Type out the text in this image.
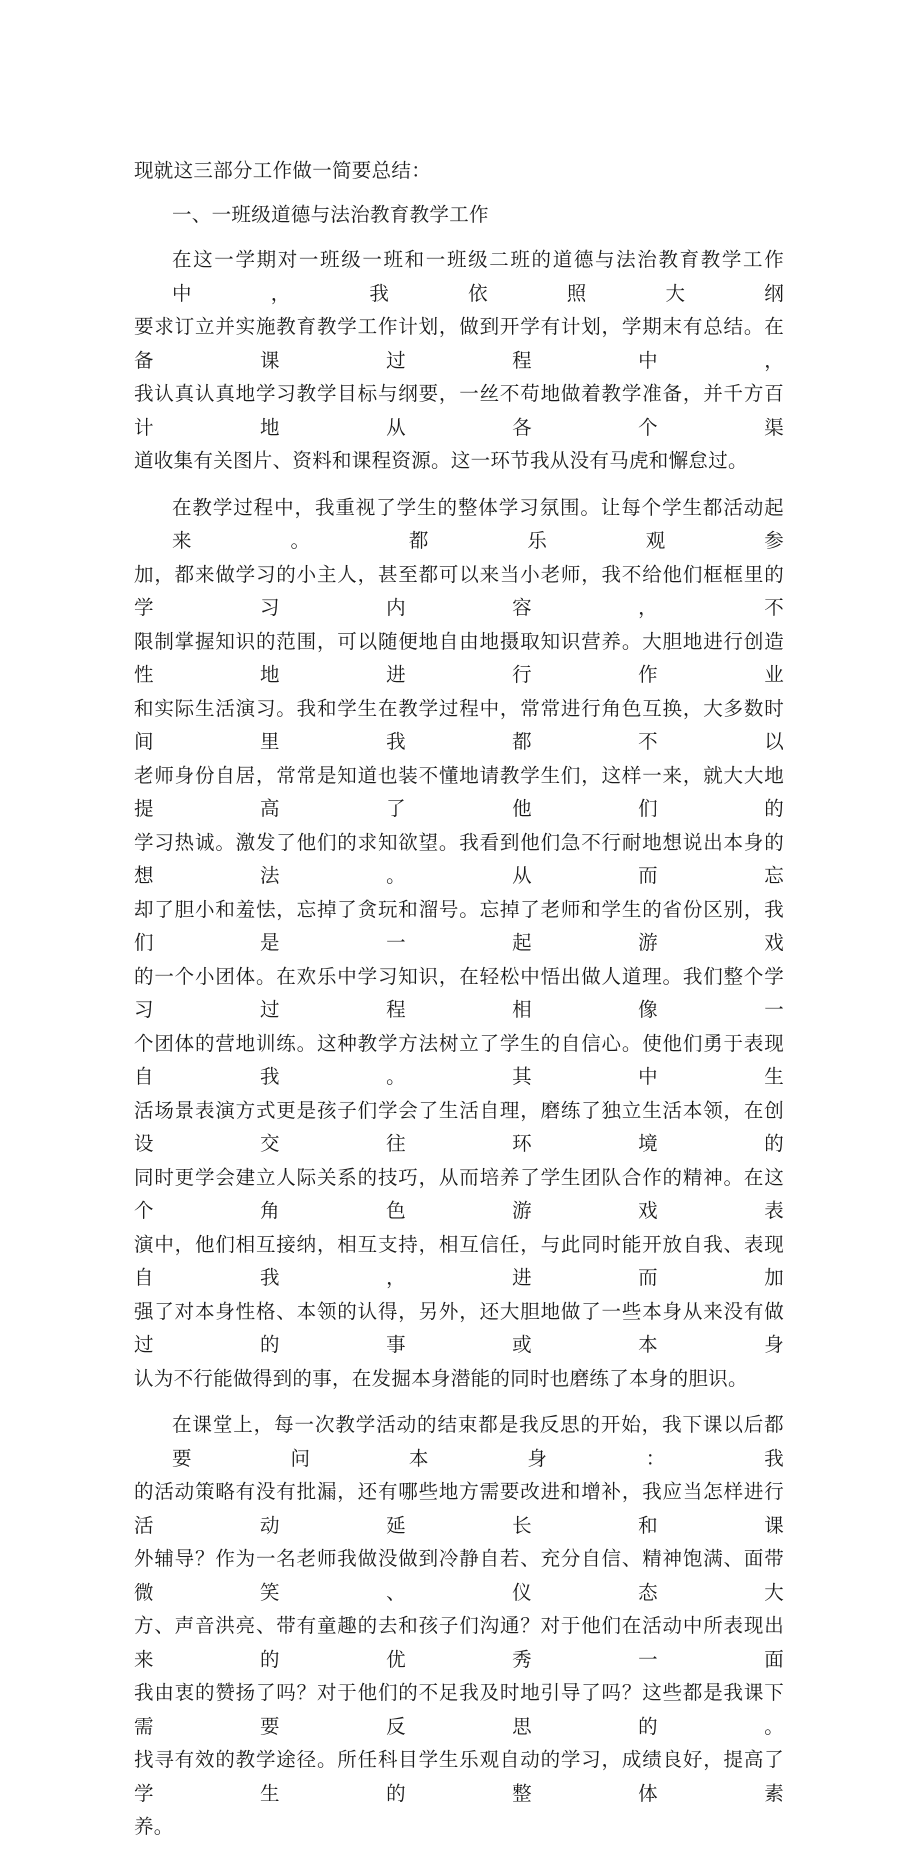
现就这三部分工作做一简要总结：

一、一班级道德与法治教育教学工作

在这一学期对一班级一班和一班级二班的道德与法治教育教学工作中，我依照大纲

要求订立并实施教育教学工作计划，做到开学有计划，学期末有总结。在备课过程中，

我认真认真地学习教学目标与纲要，一丝不苟地做着教学准备，并千方百计地从各个渠

道收集有关图片、资料和课程资源。这一环节我从没有马虎和懈怠过。

在教学过程中，我重视了学生的整体学习氛围。让每个学生都活动起来。都乐观参

加，都来做学习的小主人，甚至都可以来当小老师，我不给他们框框里的学习内容，不

限制掌握知识的范围，可以随便地自由地摄取知识营养。大胆地进行创造性地进行作业

和实际生活演习。我和学生在教学过程中，常常进行角色互换，大多数时间里我都不以

老师身份自居，常常是知道也装不懂地请教学生们，这样一来，就大大地提高了他们的

学习热诚。激发了他们的求知欲望。我看到他们急不行耐地想说出本身的想法。从而忘

却了胆小和羞怯，忘掉了贪玩和溜号。忘掉了老师和学生的省份区别，我们是一起游戏

的一个小团体。在欢乐中学习知识，在轻松中悟出做人道理。我们整个学习过程相像一

个团体的营地训练。这种教学方法树立了学生的自信心。使他们勇于表现自我。其中生

活场景表演方式更是孩子们学会了生活自理，磨练了独立生活本领，在创设交往环境的

同时更学会建立人际关系的技巧，从而培养了学生团队合作的精神。在这个角色游戏表

演中，他们相互接纳，相互支持，相互信任，与此同时能开放自我、表现自我，进而加

强了对本身性格、本领的认得，另外，还大胆地做了一些本身从来没有做过的事或本身

认为不行能做得到的事，在发掘本身潜能的同时也磨练了本身的胆识。

在课堂上，每一次教学活动的结束都是我反思的开始，我下课以后都要问本身：我

的活动策略有没有批漏，还有哪些地方需要改进和增补，我应当怎样进行活动延长和课

外辅导？作为一名老师我做没做到冷静自若、充分自信、精神饱满、面带微笑、仪态大

方、声音洪亮、带有童趣的去和孩子们沟通？对于他们在活动中所表现出来的优秀一面

我由衷的赞扬了吗？对于他们的不足我及时地引导了吗？这些都是我课下需要反思的。

找寻有效的教学途径。所任科目学生乐观自动的学习，成绩良好，提高了学生的整体素

养。
